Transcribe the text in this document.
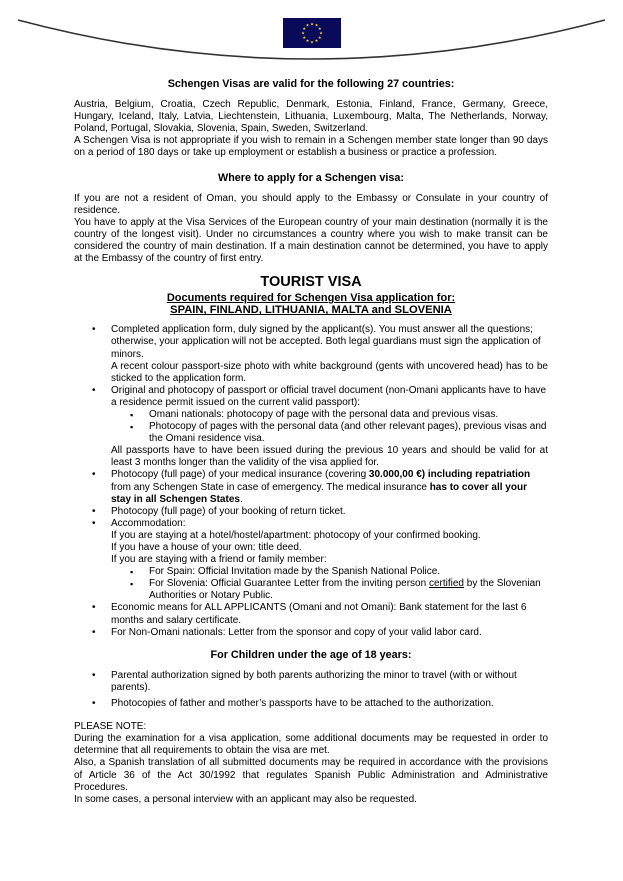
★ ★
★
★
★
★
★
★
★
★
★
★
Schengen Visas are valid for the following 27 countries:

Austria, Belgium, Croatia, Czech Republic, Denmark, Estonia, Finland, France, Germany, Greece, Hungary, Iceland, Italy, Latvia, Liechtenstein, Lithuania, Luxembourg, Malta, The Netherlands, Norway, Poland, Portugal, Slovakia, Slovenia, Spain, Sweden, Switzerland.

A Schengen Visa is not appropriate if you wish to remain in a Schengen member state longer than 90 days on a period of 180 days or take up employment or establish a business or practice a profession.

Where to apply for a Schengen visa:

If you are not a resident of Oman, you should apply to the Embassy or Consulate in your country of residence.

You have to apply at the Visa Services of the European country of your main destination (normally it is the country of the longest visit). Under no circumstances a country where you wish to make transit can be considered the country of main destination. If a main destination cannot be determined, you have to apply at the Embassy of the country of first entry.

TOURIST VISA
Documents required for Schengen Visa application for:
SPAIN, FINLAND, LITHUANIA, MALTA and SLOVENIA
• Completed application form, duly signed by the applicant(s). You must answer all the questions; otherwise, your application will not be accepted. Both legal guardians must sign the application of minors.

A recent colour passport-size photo with white background (gents with uncovered head) has to be sticked to the application form.

• Original and photocopy of passport or official travel document (non-Omani applicants have to have a residence permit issued on the current valid passport):
▪ Omani nationals: photocopy of page with the personal data and previous visas.
▪ Photocopy of pages with the personal data (and other relevant pages), previous visas and the Omani residence visa.

All passports have to have been issued during the previous 10 years and should be valid for at least 3 months longer than the validity of the visa applied for.

• Photocopy (full page) of your medical insurance (covering 30.000,00 €) including repatriation from any Schengen State in case of emergency. The medical insurance has to cover all your stay in all Schengen States.
• Photocopy (full page) of your booking of return ticket.
• Accommodation:

If you are staying at a hotel/hostel/apartment: photocopy of your confirmed booking.

If you have a house of your own: title deed.

If you are staying with a friend or family member:

▪ For Spain: Official Invitation made by the Spanish National Police.
▪ For Slovenia: Official Guarantee Letter from the inviting person certified by the Slovenian Authorities or Notary Public.
• Economic means for ALL APPLICANTS (Omani and not Omani): Bank statement for the last 6 months and salary certificate.
• For Non-Omani nationals: Letter from the sponsor and copy of your valid labor card.
For Children under the age of 18 years:
• Parental authorization signed by both parents authorizing the minor to travel (with or without parents).
• Photocopies of father and mother’s passports have to be attached to the authorization.

PLEASE NOTE:

During the examination for a visa application, some additional documents may be requested in order to determine that all requirements to obtain the visa are met.

Also, a Spanish translation of all submitted documents may be required in accordance with the provisions of Article 36 of the Act 30/1992 that regulates Spanish Public Administration and Administrative Procedures.

In some cases, a personal interview with an applicant may also be requested.
